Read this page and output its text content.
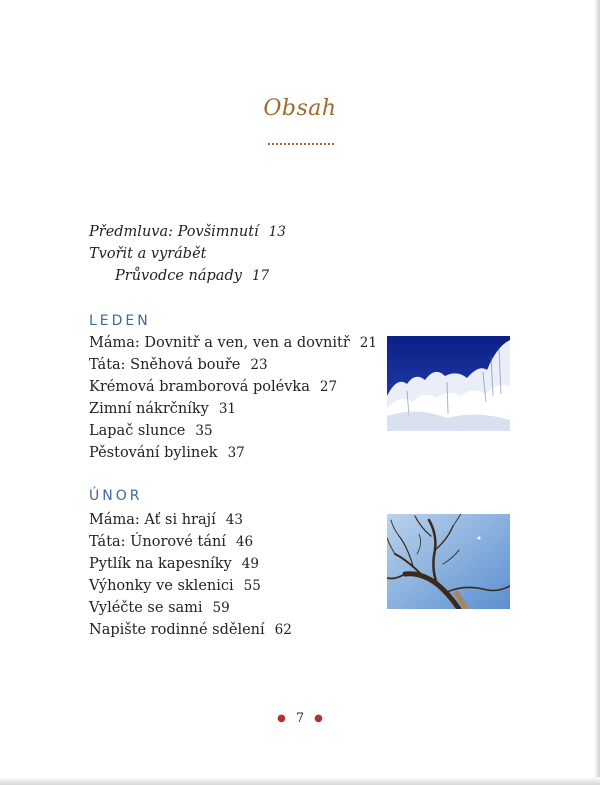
Obsah
Předmluva: Povšimnutí 13
Tvořit a vyrábět
Průvodce nápady 17
LEDEN
Máma: Dovnitř a ven, ven a dovnitř 21
Táta: Sněhová bouře 23
Krémová bramborová polévka 27
Zimní nákrčníky 31
Lapač slunce 35
Pěstování bylinek 37
ÚNOR
Máma: Ať si hrají 43
Táta: Únorové tání 46
Pytlík na kapesníky 49
Výhonky ve sklenici 55
Vyléčte se sami 59
Napište rodinné sdělení 62
● 7 ●
